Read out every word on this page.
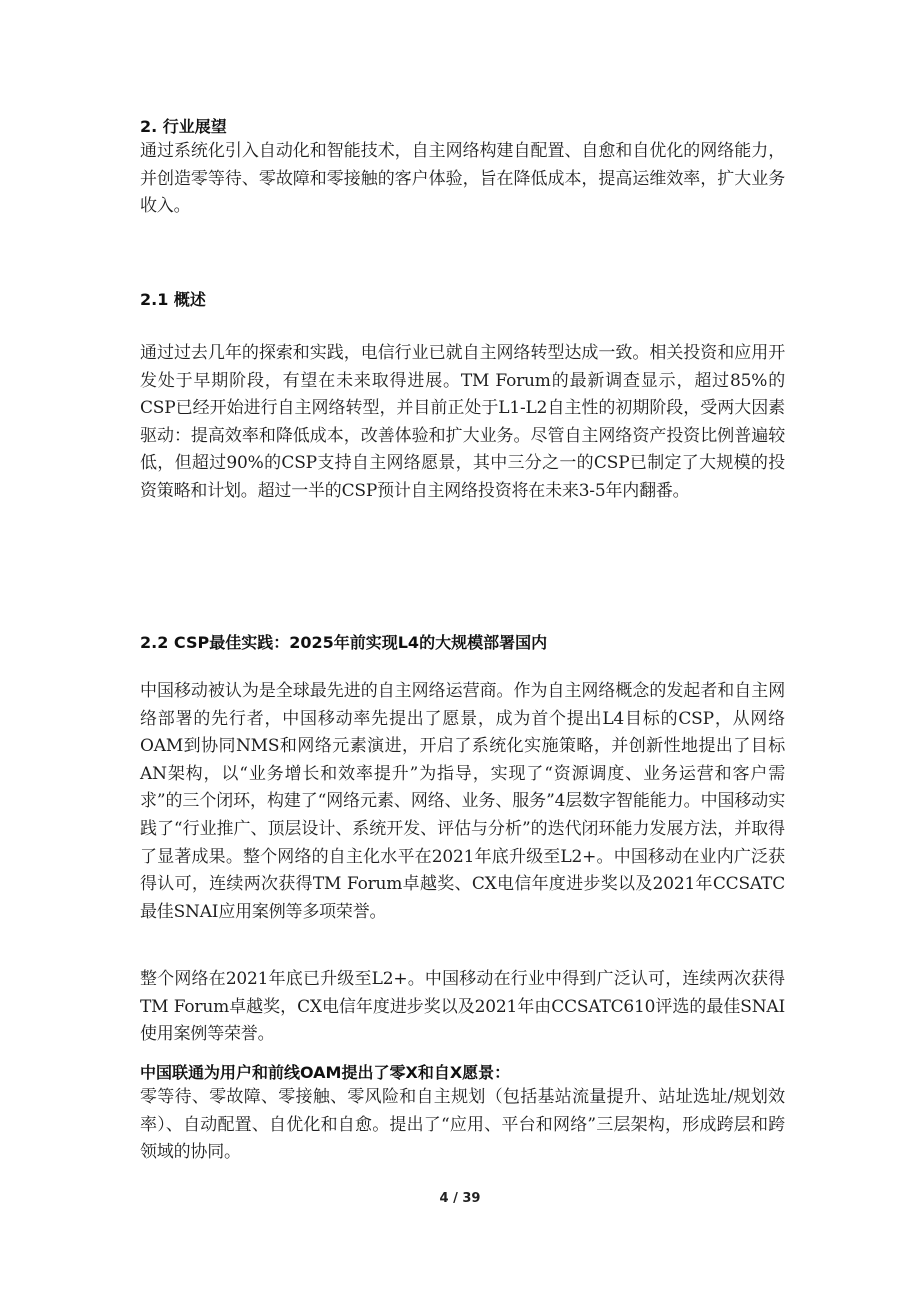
2. 行业展望

通过系统化引入自动化和智能技术，自主网络构建自配置、自愈和自优化的网络能力，并创造零等待、零故障和零接触的客户体验，旨在降低成本，提高运维效率，扩大业务收入。

2.1 概述

通过过去几年的探索和实践，电信行业已就自主网络转型达成一致。相关投资和应用开发处于早期阶段，有望在未来取得进展。TM Forum的最新调查显示，超过85%的CSP已经开始进行自主网络转型，并目前正处于L1-L2自主性的初期阶段，受两大因素驱动：提高效率和降低成本，改善体验和扩大业务。尽管自主网络资产投资比例普遍较低，但超过90%的CSP支持自主网络愿景，其中三分之一的CSP已制定了大规模的投资策略和计划。超过一半的CSP预计自主网络投资将在未来3-5年内翻番。

2.2 CSP最佳实践：2025年前实现L4的大规模部署国内

中国移动被认为是全球最先进的自主网络运营商。作为自主网络概念的发起者和自主网络部署的先行者，中国移动率先提出了愿景，成为首个提出L4目标的CSP，从网络OAM到协同NMS和网络元素演进，开启了系统化实施策略，并创新性地提出了目标AN架构，以“业务增长和效率提升”为指导，实现了“资源调度、业务运营和客户需求”的三个闭环，构建了“网络元素、网络、业务、服务”4层数字智能能力。中国移动实践了“行业推广、顶层设计、系统开发、评估与分析”的迭代闭环能力发展方法，并取得了显著成果。整个网络的自主化水平在2021年底升级至L2+。中国移动在业内广泛获得认可，连续两次获得TM Forum卓越奖、CX电信年度进步奖以及2021年CCSATC最佳SNAI应用案例等多项荣誉。

整个网络在2021年底已升级至L2+。中国移动在行业中得到广泛认可，连续两次获得TM Forum卓越奖，CX电信年度进步奖以及2021年由CCSATC610评选的最佳SNAI使用案例等荣誉。

中国联通为用户和前线OAM提出了零X和自X愿景：

零等待、零故障、零接触、零风险和自主规划（包括基站流量提升、站址选址/规划效率）、自动配置、自优化和自愈。提出了“应用、平台和网络”三层架构，形成跨层和跨领域的协同。

4 / 39
